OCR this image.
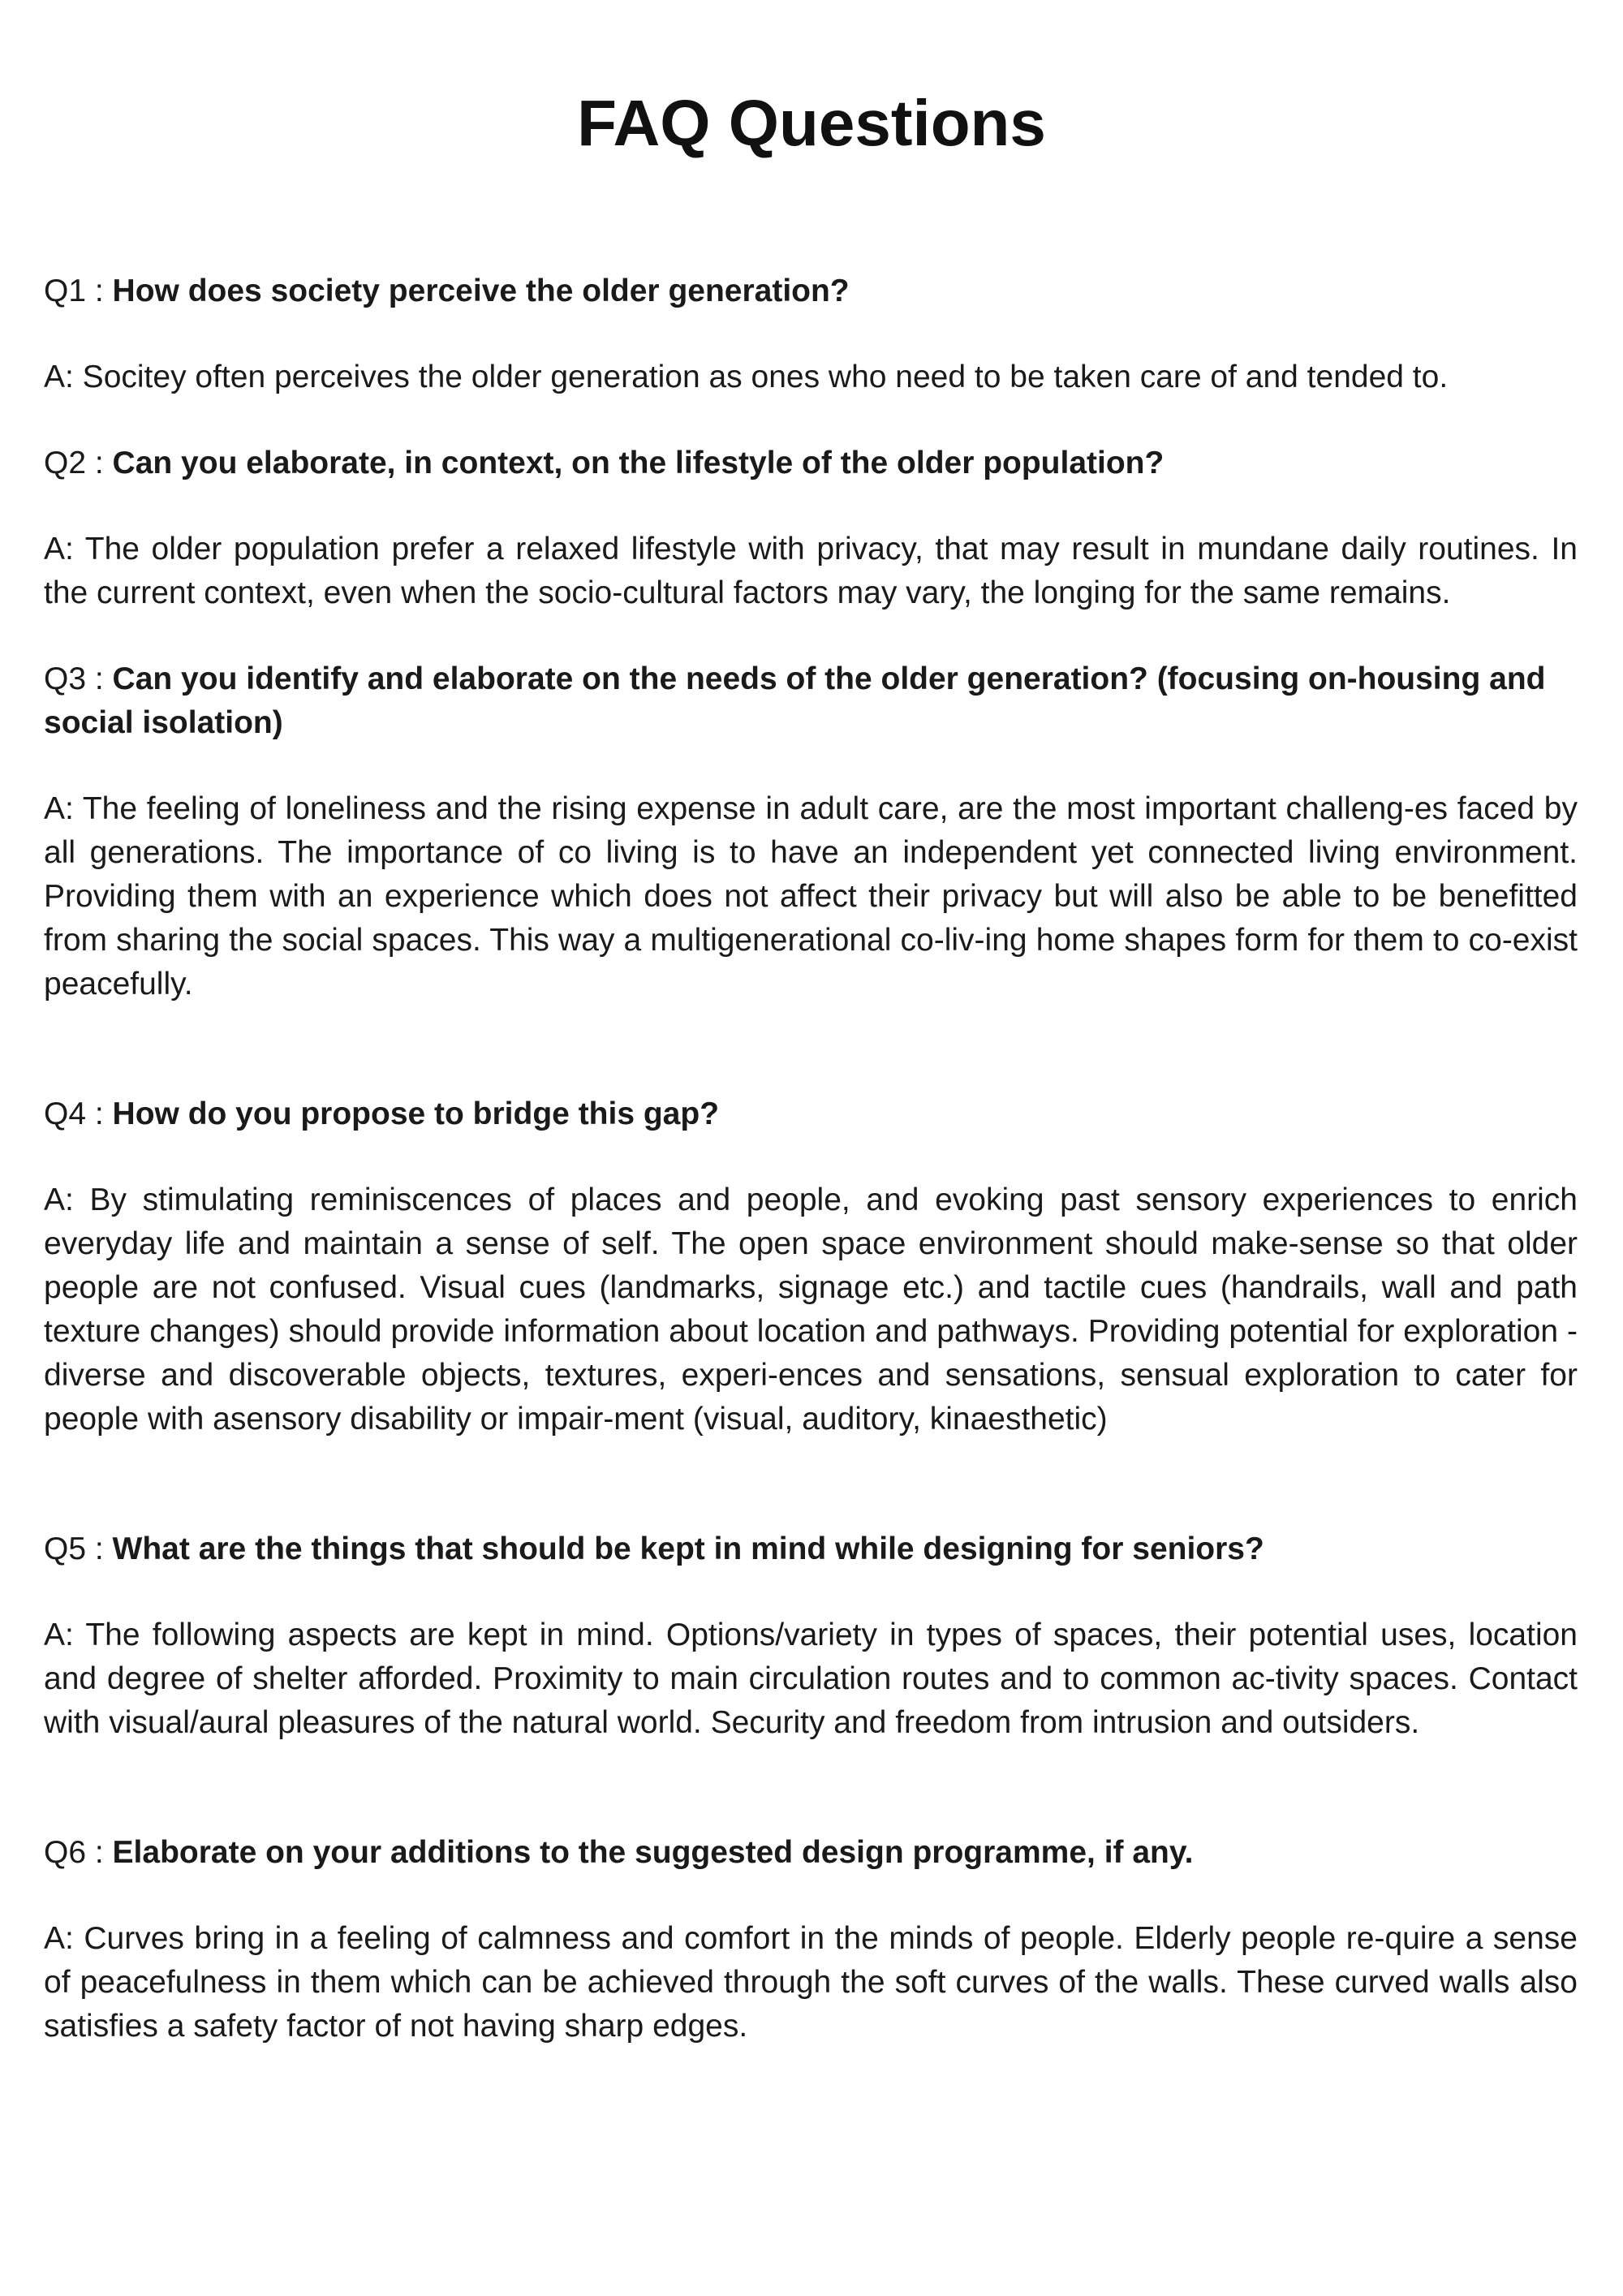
FAQ Questions

Q1 : How does society perceive the older generation?

A: Socitey often perceives the older generation as ones who need to be taken care of and tended to.

Q2 : Can you elaborate, in context, on the lifestyle of the older population?

A: The older population prefer a relaxed lifestyle with privacy, that may result in mundane daily routines. In the current context, even when the socio-cultural factors may vary, the longing for the same remains.

Q3 : Can you identify and elaborate on the needs of the older generation? (focusing on-housing and social isolation)

A: The feeling of loneliness and the rising expense in adult care, are the most important challeng-es faced by all generations. The importance of co living is to have an independent yet connected living environment. Providing them with an experience which does not affect their privacy but will also be able to be benefitted from sharing the social spaces. This way a multigenerational co-liv-ing home shapes form for them to co-exist peacefully.

Q4 : How do you propose to bridge this gap?

A: By stimulating reminiscences of places and people, and evoking past sensory experiences to enrich everyday life and maintain a sense of self. The open space environment should make-sense so that older people are not confused. Visual cues (landmarks, signage etc.) and tactile cues (handrails, wall and path texture changes) should provide information about location and pathways. Providing potential for exploration - diverse and discoverable objects, textures, experi-ences and sensations, sensual exploration to cater for people with asensory disability or impair-ment (visual, auditory, kinaesthetic)

Q5 : What are the things that should be kept in mind while designing for seniors?

A: The following aspects are kept in mind. Options/variety in types of spaces, their potential uses, location and degree of shelter afforded. Proximity to main circulation routes and to common ac-tivity spaces. Contact with visual/aural pleasures of the natural world. Security and freedom from intrusion and outsiders.

Q6 : Elaborate on your additions to the suggested design programme, if any.

A: Curves bring in a feeling of calmness and comfort in the minds of people. Elderly people re-quire a sense of peacefulness in them which can be achieved through the soft curves of the walls. These curved walls also satisfies a safety factor of not having sharp edges.
